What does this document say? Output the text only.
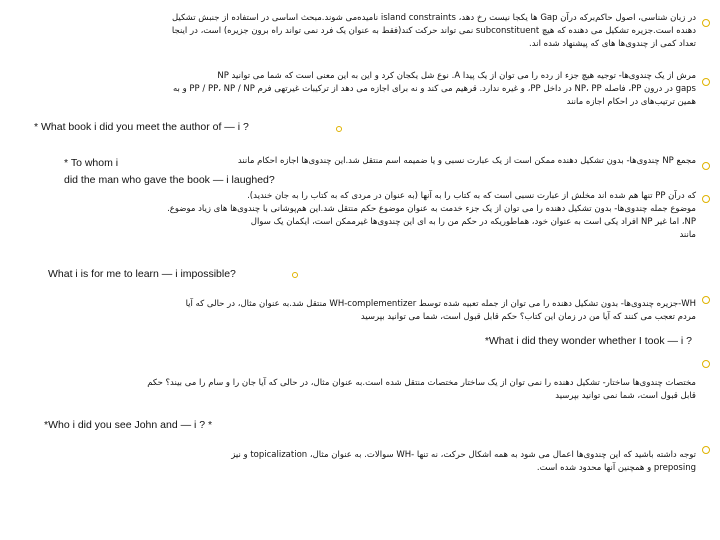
در زبان شناسی، اصول حاکم‌برکه درآن Gap ها یکجا نیست رخ دهد، island constraints نامیده‌می شوند.مبحث اساسی در استفاده از جنبش تشکیل
دهنده است.جزیره تشکیل می دهنده که هیچ subconstituent نمی تواند حرکت کند(فقط به عنوان یک فرد نمی تواند راه برون جزیره) است، در اینجا
تعداد کمی از چندوی‌ها های که پیشنهاد شده اند.
مرش از یک چندوی‌ها- توجیه هیچ جزء از رده را می توان از یک پیدا A. نوع شل یکجان کرد و این به این معنی است که شما می توانید NP
gaps در درون PP، فاصله NP، PP در داخل PP، و غیره ندارد. قرهیم می کند و نه برای اجازه می دهد از ترکیبات غیرتهی فرم PP / PP، NP / NP و به
همین ترتیب‌های در احکام اجازه مانند
* What book i did you meet the author of — i ?
مجمع NP چندوی‌ها- بدون تشکیل دهنده ممکن است از یک عبارت نسبی و یا ضمیمه اسم منتقل شد.این چندوی‌ها اجازه احکام مانند
* To whom i
did the man who gave the book — i laughed?
که درآن PP تنها هم شده اند مخلش از عبارت نسبی است که به کتاب را به آنها (به عنوان در مردی که به کتاب را به جان خندید).
موضوع جمله چندوی‌ها- بدون تشکیل دهنده را می توان از یک جزء خدمت به عنوان موضوع حکم منتقل شد.این هم‌پوشانی با چندوی‌ها های زیاد موضوع.
NP، اما غیر NP افراد یکی است به عنوان خود، هماطوریکه در حکم من را به ای این چندوی‌ها غیرممکن است، ایکمان یک سوال
مانند
What i is for me to learn — i impossible?
WH-جزیره چندوی‌ها- بدون تشکیل دهنده را می توان از جمله تعبیه شده توسط WH-complementizer منتقل شد.به عنوان مثال، در حالی که آیا
مردم تعجب می کنند که آیا من در زمان این کتاب؟ حکم قابل قبول است، شما می توانید بپرسید
*What i did they wonder whether I took — i ?
مختصات چندوی‌ها ساختار- تشکیل دهنده را نمی توان از یک ساختار مختصات منتقل شده است.به عنوان مثال، در حالی که آیا جان را و سام را می بیند؟ حکم
قابل قبول است، شما نمی توانید بپرسید
*Who i did you see John and — i ? *
توجه داشته باشید که این چندوی‌ها اعمال می شود به همه اشکال حرکت، نه تنها -WH سوالات. به عنوان مثال، topicalization و نیز
preposing و همچنین آنها محدود شده است.
